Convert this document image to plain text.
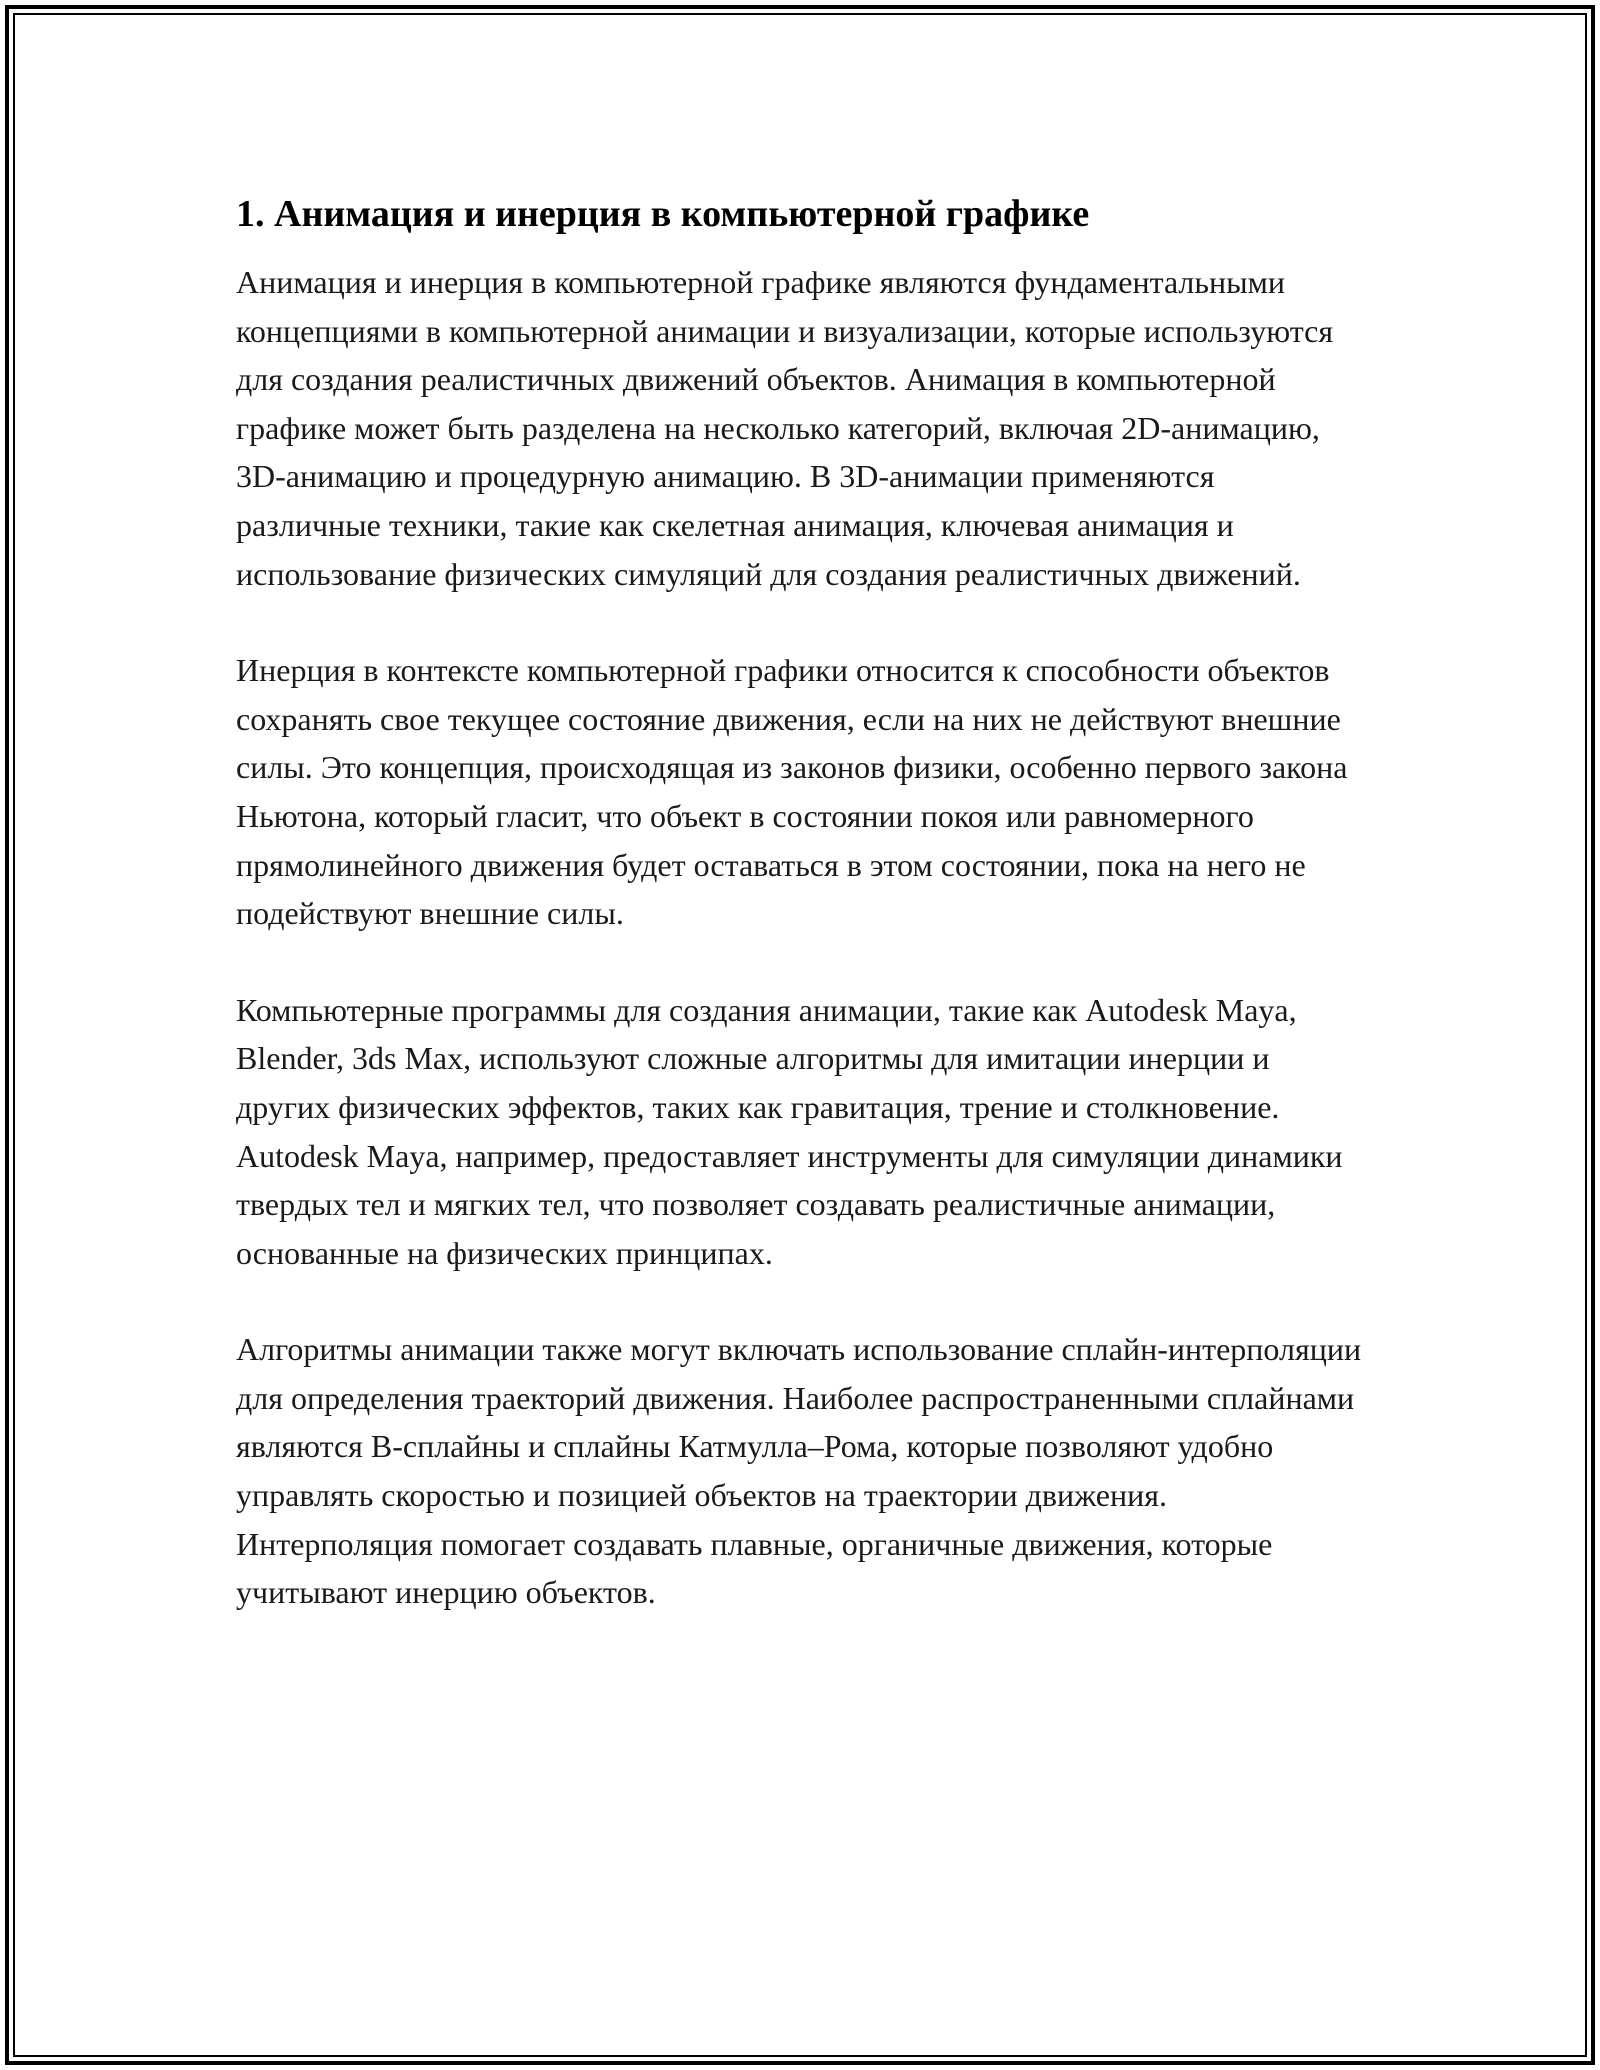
1. Анимация и инерция в компьютерной графике

Анимация и инерция в компьютерной графике являются фундаментальными концепциями в компьютерной анимации и визуализации, которые используются для создания реалистичных движений объектов. Анимация в компьютерной графике может быть разделена на несколько категорий, включая 2D-анимацию, 3D-анимацию и процедурную анимацию. В 3D-анимации применяются различные техники, такие как скелетная анимация, ключевая анимация и использование физических симуляций для создания реалистичных движений.

Инерция в контексте компьютерной графики относится к способности объектов сохранять свое текущее состояние движения, если на них не действуют внешние силы. Это концепция, происходящая из законов физики, особенно первого закона Ньютона, который гласит, что объект в состоянии покоя или равномерного прямолинейного движения будет оставаться в этом состоянии, пока на него не подействуют внешние силы.

Компьютерные программы для создания анимации, такие как Autodesk Maya, Blender, 3ds Max, используют сложные алгоритмы для имитации инерции и других физических эффектов, таких как гравитация, трение и столкновение. Autodesk Maya, например, предоставляет инструменты для симуляции динамики твердых тел и мягких тел, что позволяет создавать реалистичные анимации, основанные на физических принципах.

Алгоритмы анимации также могут включать использование сплайн-интерполяции для определения траекторий движения. Наиболее распространенными сплайнами являются B-сплайны и сплайны Катмулла–Рома, которые позволяют удобно управлять скоростью и позицией объектов на траектории движения. Интерполяция помогает создавать плавные, органичные движения, которые учитывают инерцию объектов.
